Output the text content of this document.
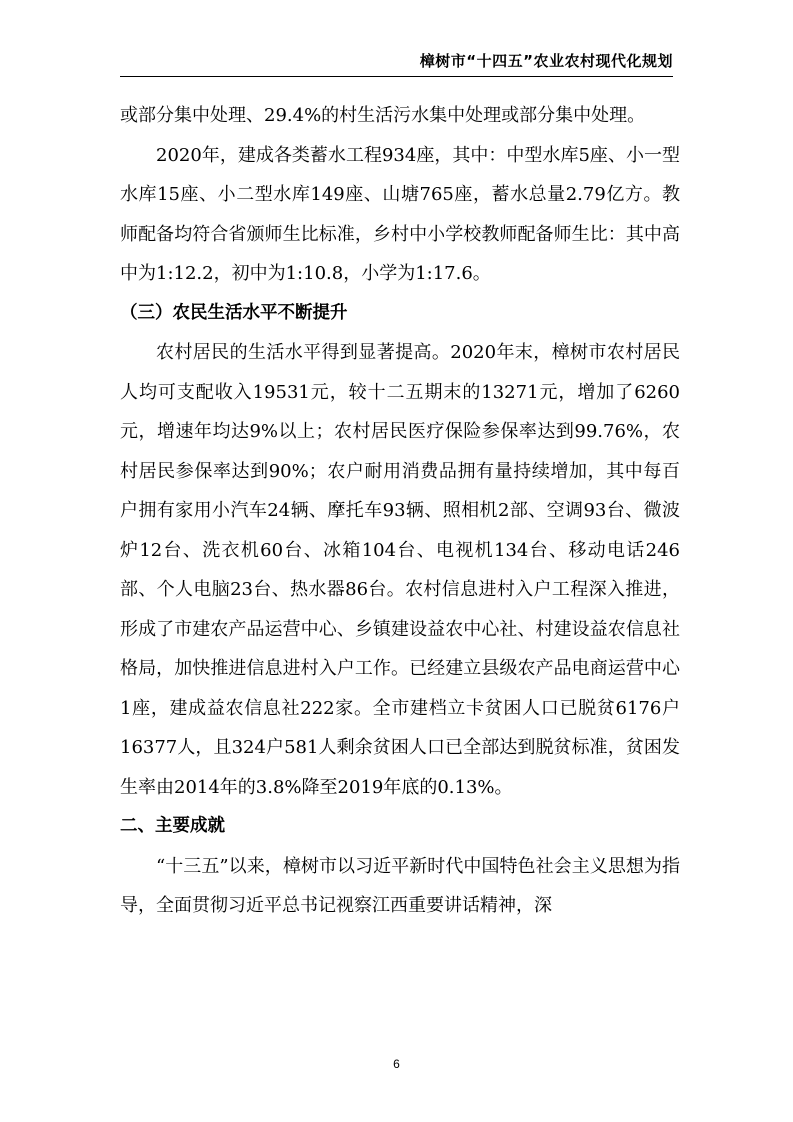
樟树市“十四五”农业农村现代化规划

或部分集中处理、29.4%的村生活污水集中处理或部分集中处理。

2020年，建成各类蓄水工程934座，其中：中型水库5座、小一型水库15座、小二型水库149座、山塘765座，蓄水总量2.79亿方。教师配备均符合省颁师生比标准，乡村中小学校教师配备师生比：其中高中为1:12.2，初中为1:10.8，小学为1:17.6。

（三）农民生活水平不断提升

农村居民的生活水平得到显著提高。2020年末，樟树市农村居民人均可支配收入19531元，较十二五期末的13271元，增加了6260元，增速年均达9%以上；农村居民医疗保险参保率达到99.76%，农村居民参保率达到90%；农户耐用消费品拥有量持续增加，其中每百户拥有家用小汽车24辆、摩托车93辆、照相机2部、空调93台、微波炉12台、洗衣机60台、冰箱104台、电视机134台、移动电话246部、个人电脑23台、热水器86台。农村信息进村入户工程深入推进，形成了市建农产品运营中心、乡镇建设益农中心社、村建设益农信息社格局，加快推进信息进村入户工作。已经建立县级农产品电商运营中心1座，建成益农信息社222家。全市建档立卡贫困人口已脱贫6176户16377人，且324户581人剩余贫困人口已全部达到脱贫标准，贫困发生率由2014年的3.8%降至2019年底的0.13%。

二、主要成就

“十三五”以来，樟树市以习近平新时代中国特色社会主义思想为指导，全面贯彻习近平总书记视察江西重要讲话精神，深

6
